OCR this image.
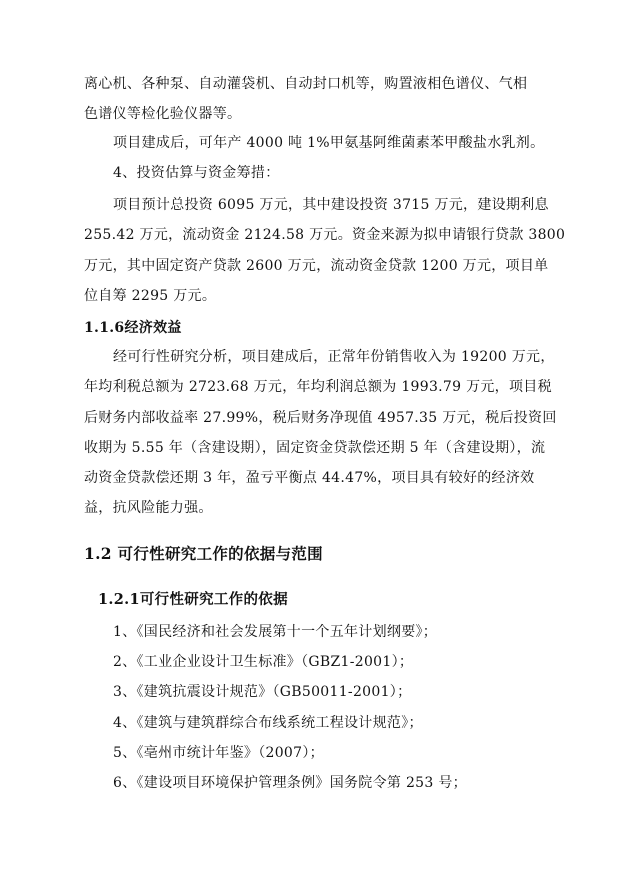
离心机、各种泵、自动灌袋机、自动封口机等，购置液相色谱仪、气相
色谱仪等检化验仪器等。
项目建成后，可年产 4000 吨 1%甲氨基阿维菌素苯甲酸盐水乳剂。
4、投资估算与资金筹措：
项目预计总投资 6095 万元，其中建设投资 3715 万元，建设期利息
255.42 万元，流动资金 2124.58 万元。资金来源为拟申请银行贷款 3800
万元，其中固定资产贷款 2600 万元，流动资金贷款 1200 万元，项目单
位自筹 2295 万元。
1.1.6经济效益
经可行性研究分析，项目建成后，正常年份销售收入为 19200 万元，
年均利税总额为 2723.68 万元，年均利润总额为 1993.79 万元，项目税
后财务内部收益率 27.99%，税后财务净现值 4957.35 万元，税后投资回
收期为 5.55 年（含建设期），固定资金贷款偿还期 5 年（含建设期），流
动资金贷款偿还期 3 年，盈亏平衡点 44.47%，项目具有较好的经济效
益，抗风险能力强。
1.2 可行性研究工作的依据与范围
1.2.1可行性研究工作的依据
1、《国民经济和社会发展第十一个五年计划纲要》；
2、《工业企业设计卫生标准》（GBZ1-2001）；
3、《建筑抗震设计规范》（GB50011-2001）；
4、《建筑与建筑群综合布线系统工程设计规范》；
5、《亳州市统计年鉴》（2007）；
6、《建设项目环境保护管理条例》国务院令第 253 号；
